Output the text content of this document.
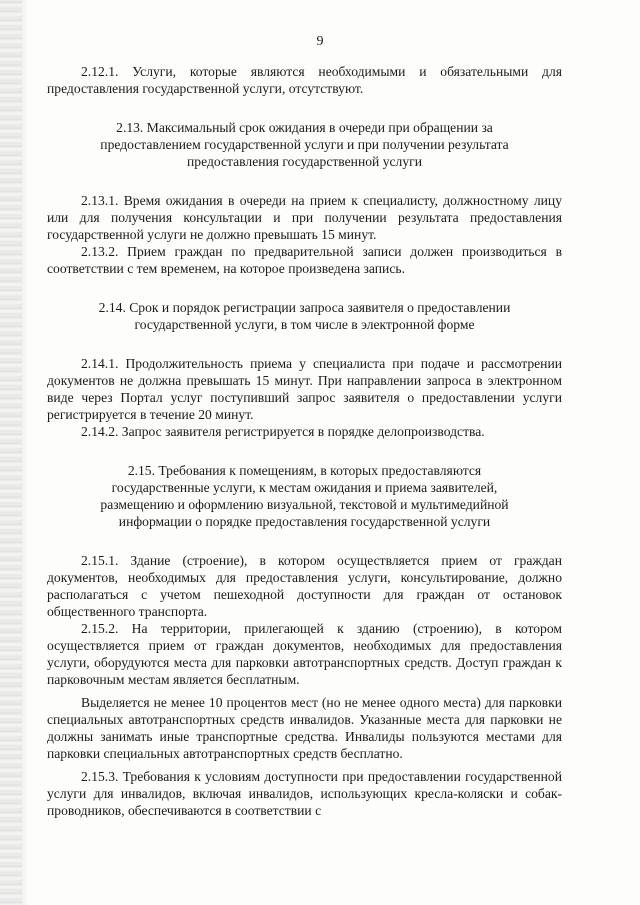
9

2.12.1. Услуги, которые являются необходимыми и обязательными для предоставления государственной услуги, отсутствуют.

2.13. Максимальный срок ожидания в очереди при обращении за предоставлением государственной услуги и при получении результата предоставления государственной услуги

2.13.1. Время ожидания в очереди на прием к специалисту, должностному лицу или для получения консультации и при получении результата предоставления государственной услуги не должно превышать 15 минут.

2.13.2. Прием граждан по предварительной записи должен производиться в соответствии с тем временем, на которое произведена запись.

2.14. Срок и порядок регистрации запроса заявителя о предоставлении государственной услуги, в том числе в электронной форме

2.14.1. Продолжительность приема у специалиста при подаче и рассмотрении документов не должна превышать 15 минут. При направлении запроса в электронном виде через Портал услуг поступивший запрос заявителя о предоставлении услуги регистрируется в течение 20 минут.

2.14.2. Запрос заявителя регистрируется в порядке делопроизводства.

2.15. Требования к помещениям, в которых предоставляются государственные услуги, к местам ожидания и приема заявителей, размещению и оформлению визуальной, текстовой и мультимедийной информации о порядке предоставления государственной услуги

2.15.1. Здание (строение), в котором осуществляется прием от граждан документов, необходимых для предоставления услуги, консультирование, должно располагаться с учетом пешеходной доступности для граждан от остановок общественного транспорта.

2.15.2. На территории, прилегающей к зданию (строению), в котором осуществляется прием от граждан документов, необходимых для предоставления услуги, оборудуются места для парковки автотранспортных средств. Доступ граждан к парковочным местам является бесплатным.

Выделяется не менее 10 процентов мест (но не менее одного места) для парковки специальных автотранспортных средств инвалидов. Указанные места для парковки не должны занимать иные транспортные средства. Инвалиды пользуются местами для парковки специальных автотранспортных средств бесплатно.

2.15.3. Требования к условиям доступности при предоставлении государственной услуги для инвалидов, включая инвалидов, использующих кресла-коляски и собак-проводников, обеспечиваются в соответствии с
